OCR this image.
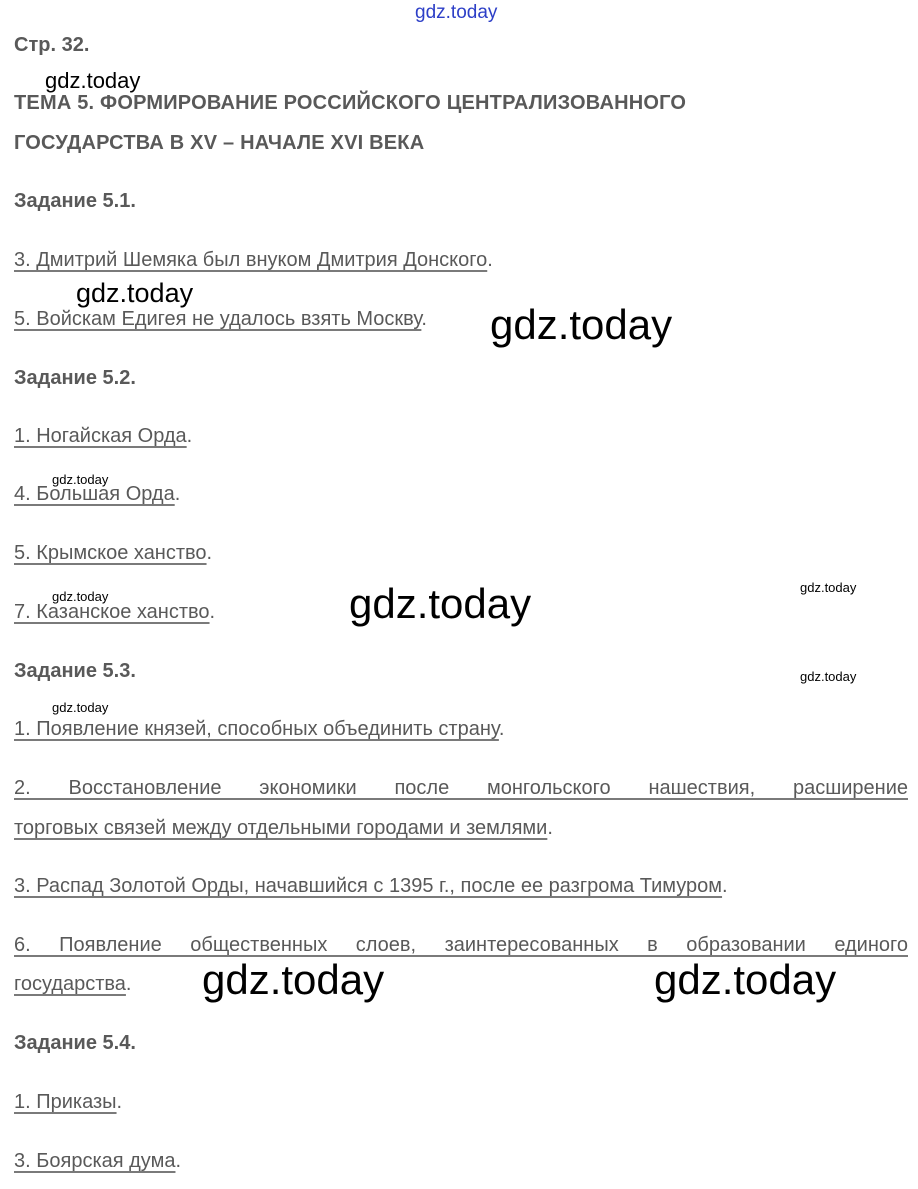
gdz.today
Стр. 32.
ТЕМА 5. ФОРМИРОВАНИЕ РОССИЙСКОГО ЦЕНТРАЛИЗОВАННОГО
ГОСУДАРСТВА В XV – НАЧАЛЕ XVI ВЕКА
Задание 5.1.
3. Дмитрий Шемяка был внуком Дмитрия Донского.
5. Войскам Едигея не удалось взять Москву.
Задание 5.2.
1. Ногайская Орда.
4. Большая Орда.
5. Крымское ханство.
7. Казанское ханство.
Задание 5.3.
1. Появление князей, способных объединить страну.
2. Восстановление экономики после монгольского нашествия, расширение
торговых связей между отдельными городами и землями.
3. Распад Золотой Орды, начавшийся с 1395 г., после ее разгрома Тимуром.
6. Появление общественных слоев, заинтересованных в образовании единого
государства.
Задание 5.4.
1. Приказы.
3. Боярская дума.
gdz.today
gdz.today
gdz.today
gdz.today
gdz.today
gdz.today	gdz.today
gdz.today
gdz.today
gdz.today	gdz.today
